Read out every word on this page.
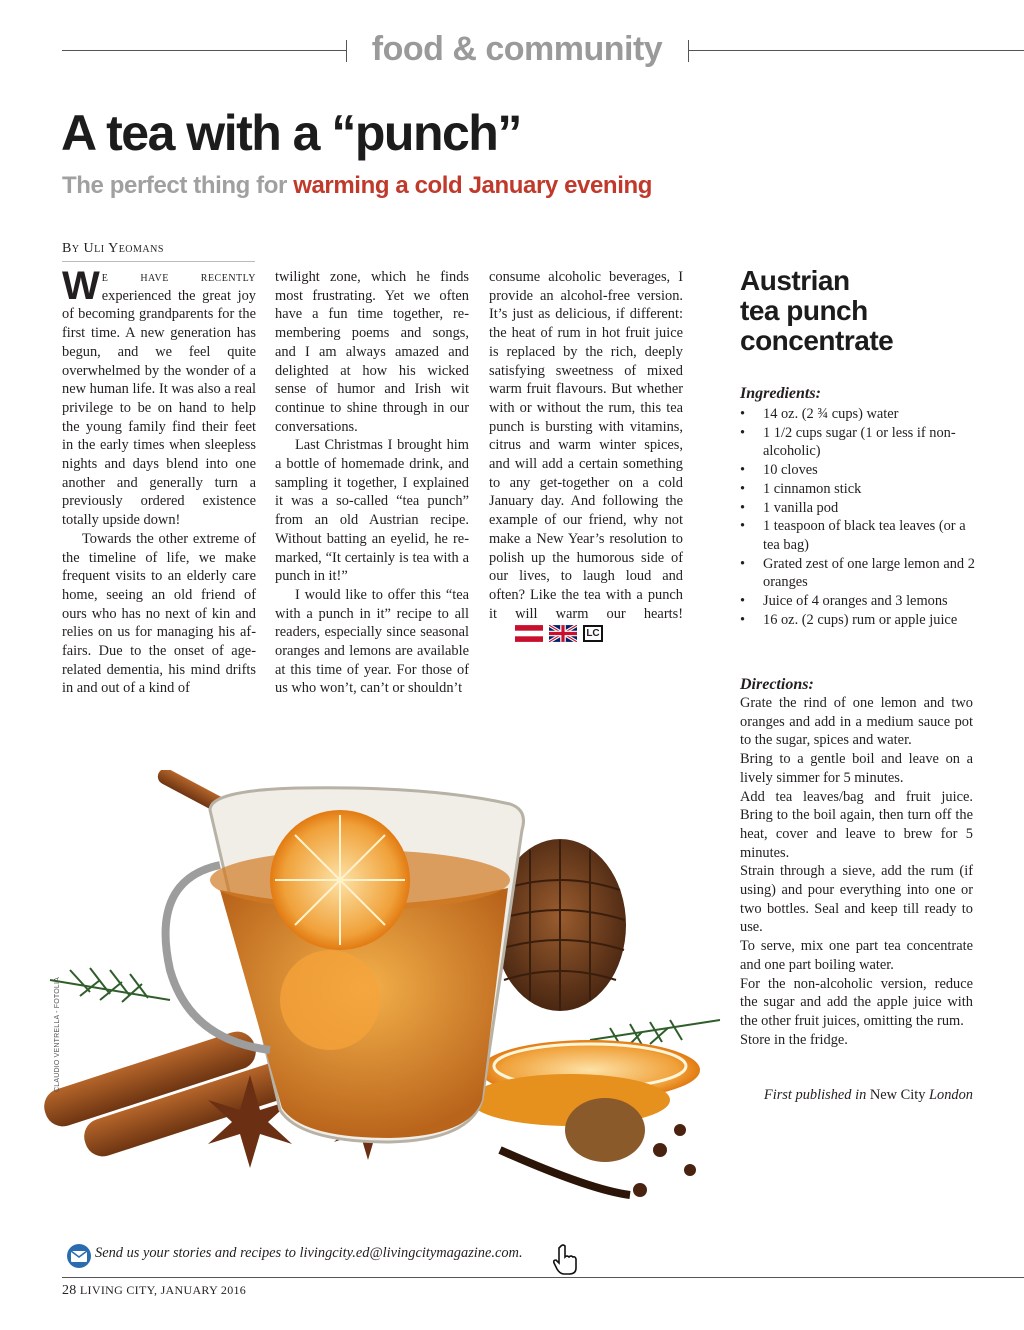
food & community
A tea with a “punch”
The perfect thing for warming a cold January evening
By Uli Yeomans

We have recently experienced the great joy of becoming grandparents for the first time. A new generation has begun, and we feel quite overwhelmed by the wonder of a new human life. It was also a real privilege to be on hand to help the young family find their feet in the early times when sleepless nights and days blend into one another and generally turn a previously ordered existence totally upside down!

Towards the other extreme of the timeline of life, we make frequent visits to an elderly care home, seeing an old friend of ours who has no next of kin and relies on us for managing his affairs. Due to the onset of age-related dementia, his mind drifts in and out of a kind of

twilight zone, which he finds most frustrating. Yet we often have a fun time together, remembering poems and songs, and I am always amazed and delighted at how his wicked sense of humor and Irish wit continue to shine through in our conversations.

Last Christmas I brought him a bottle of homemade drink, and sampling it together, I explained it was a so-called “tea punch” from an old Austrian recipe. Without batting an eyelid, he remarked, “It certainly is tea with a punch in it!”

I would like to offer this “tea with a punch in it” recipe to all readers, especially since seasonal oranges and lemons are available at this time of year. For those of us who won’t, can’t or shouldn’t

consume alcoholic beverages, I provide an alcohol-free version. It’s just as delicious, if different: the heat of rum in hot fruit juice is replaced by the rich, deeply satisfying sweetness of mixed warm fruit flavours. But whether with or without the rum, this tea punch is bursting with vitamins, citrus and warm winter spices, and will add a certain something to any get-together on a cold January day. And following the example of our friend, why not make a New Year’s resolution to polish up the humorous side of our lives, to laugh loud and often? Like the tea with a punch it will warm our hearts!
LC

CLAUDIO VENTRELLA - FOTOLIA
Austrian
tea punch
concentrate
Ingredients:
• 14 oz. (2 ¾ cups) water
• 1 1/2 cups sugar (1 or less if non-alcoholic)
• 10 cloves
• 1 cinnamon stick
• 1 vanilla pod
• 1 teaspoon of black tea leaves (or a tea bag)
• Grated zest of one large lemon and 2 oranges
• Juice of 4 oranges and 3 lemons
• 16 oz. (2 cups) rum or apple juice
Directions:

Grate the rind of one lemon and two oranges and add in a medium sauce pot to the sugar, spices and water.

Bring to a gentle boil and leave on a lively simmer for 5 minutes.

Add tea leaves/bag and fruit juice. Bring to the boil again, then turn off the heat, cover and leave to brew for 5 minutes.

Strain through a sieve, add the rum (if using) and pour everything into one or two bottles. Seal and keep till ready to use.

To serve, mix one part tea concentrate and one part boiling water.

For the non-alcoholic version, reduce the sugar and add the apple juice with the other fruit juices, omitting the rum.

Store in the fridge.

First published in New City London
Send us your stories and recipes to livingcity.ed@livingcitymagazine.com.
28 LIVING CITY, JANUARY 2016
